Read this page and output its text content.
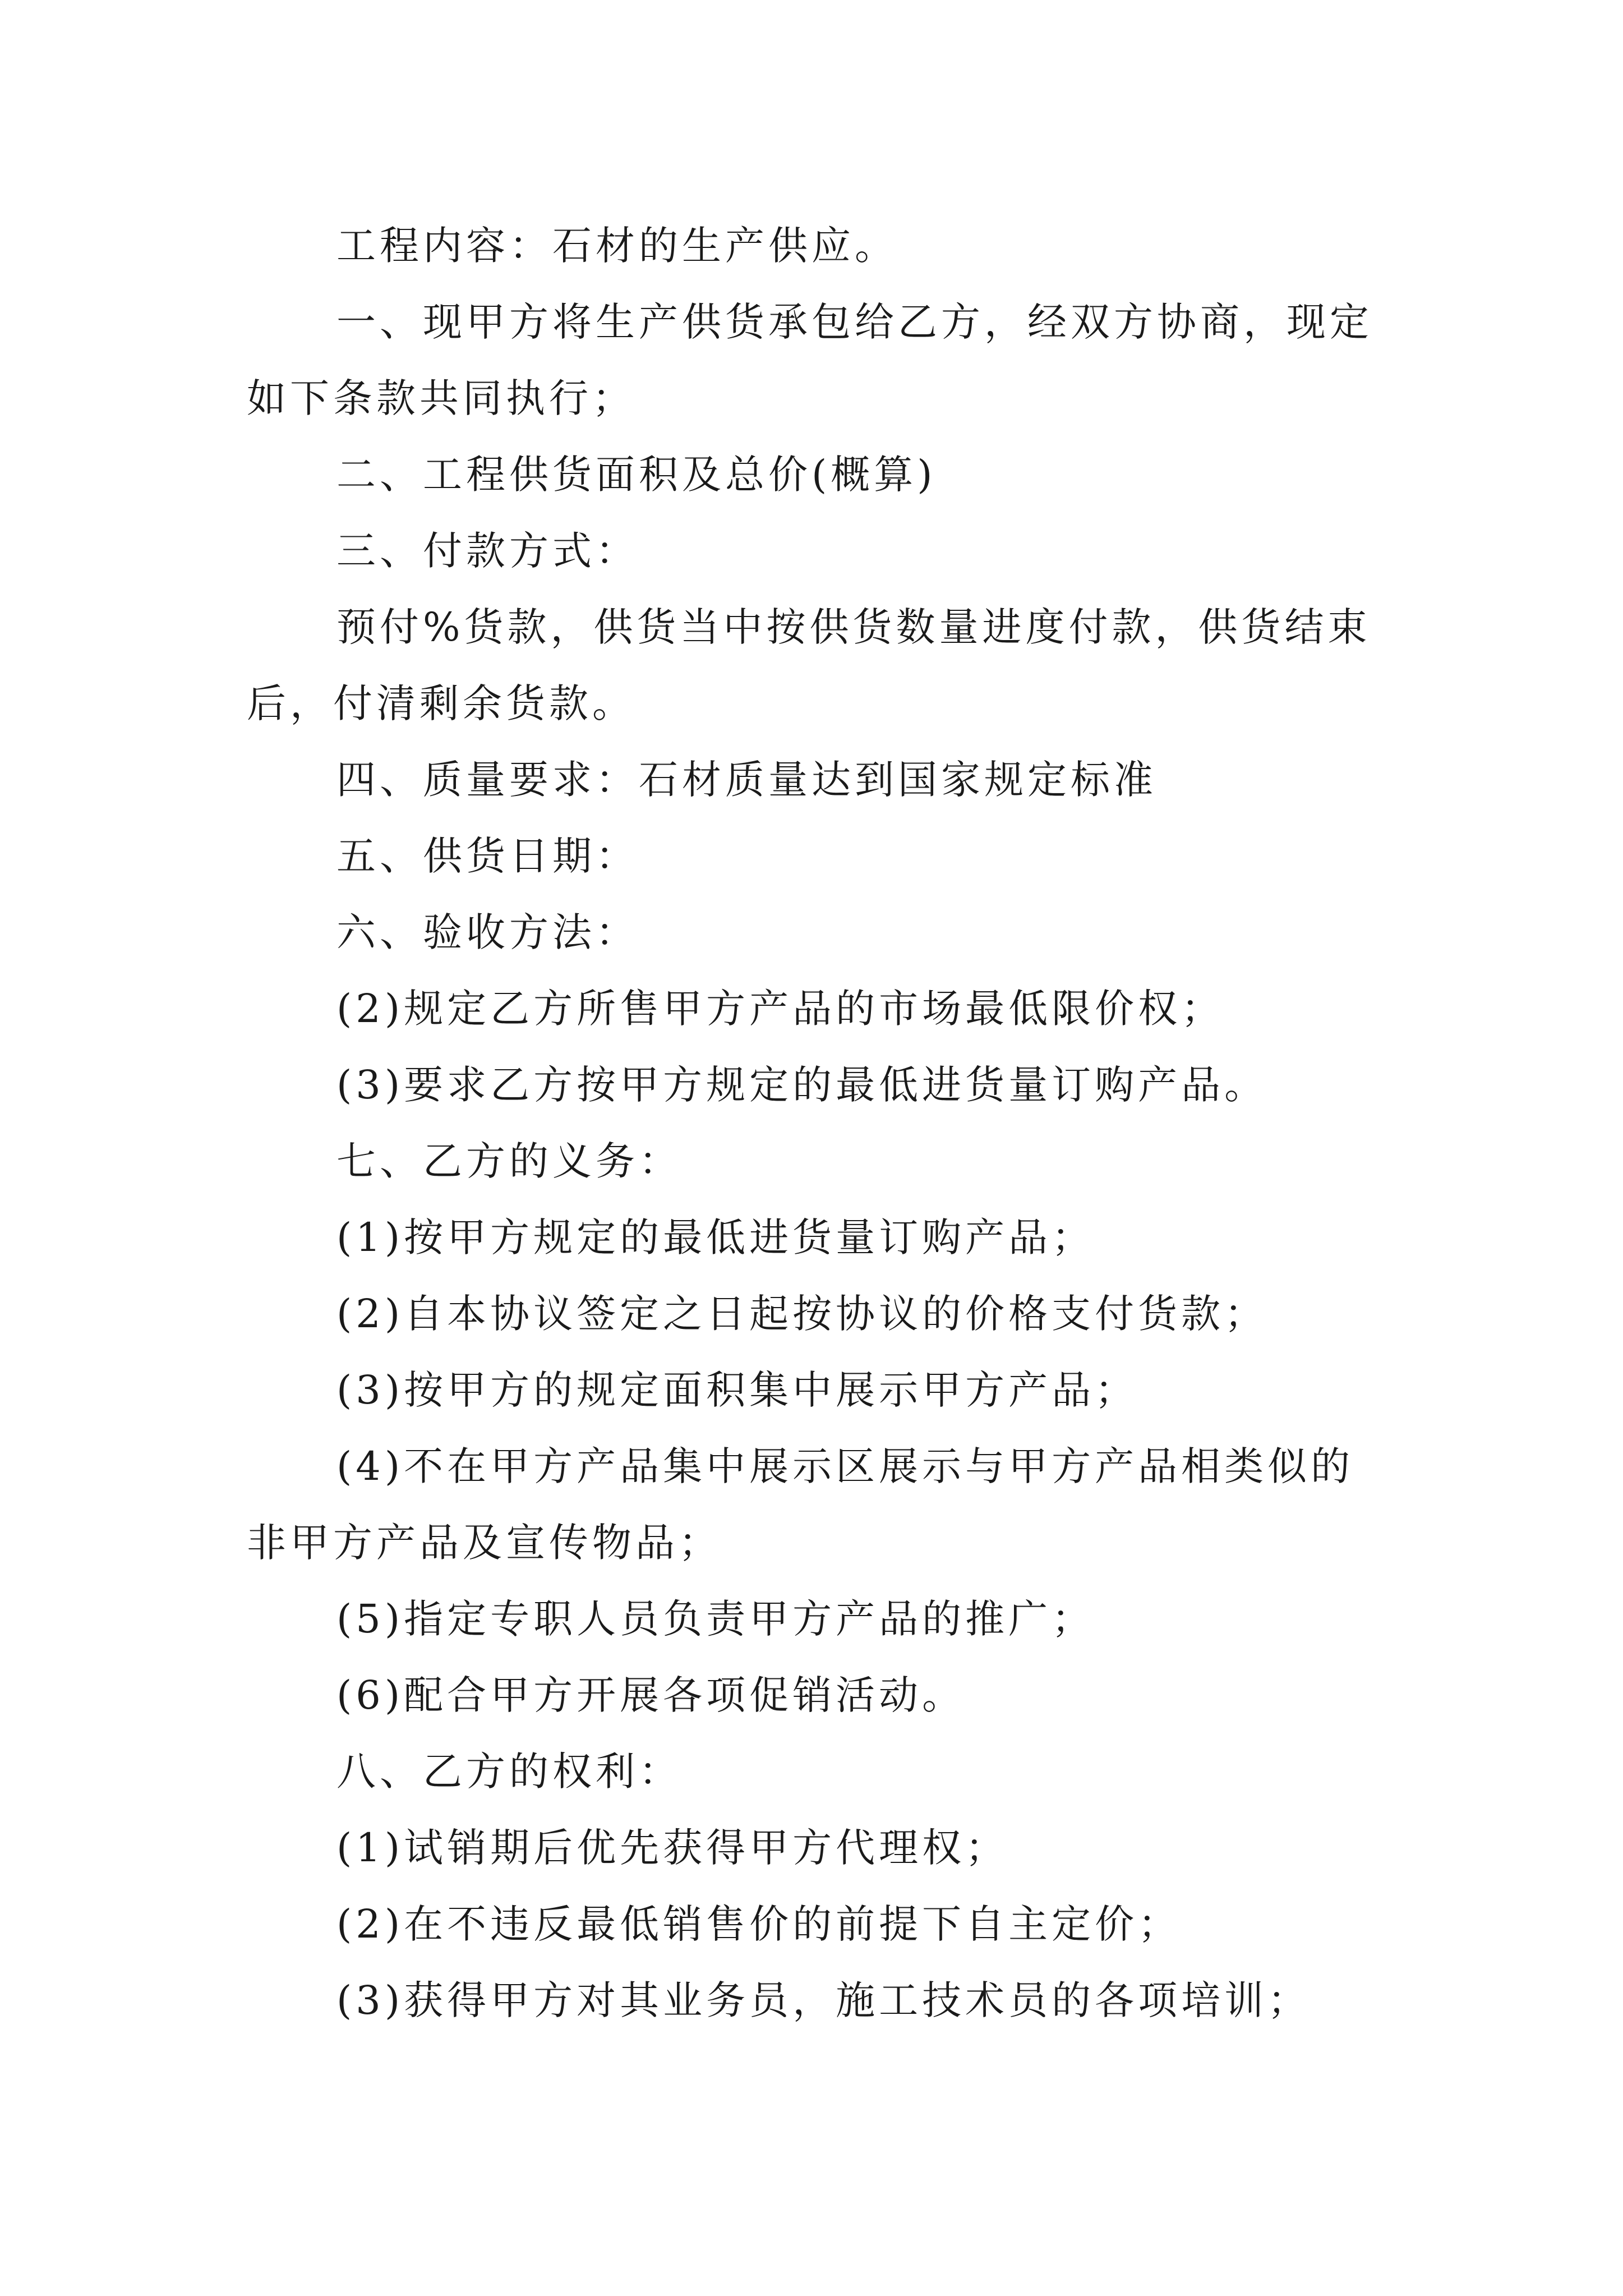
工程内容：石材的生产供应。

一、现甲方将生产供货承包给乙方，经双方协商，现定如下条款共同执行；

二、工程供货面积及总价(概算)

三、付款方式：

预付%货款，供货当中按供货数量进度付款，供货结束后，付清剩余货款。

四、质量要求：石材质量达到国家规定标准

五、供货日期：

六、验收方法：

(2)规定乙方所售甲方产品的市场最低限价权；

(3)要求乙方按甲方规定的最低进货量订购产品。

七、乙方的义务：

(1)按甲方规定的最低进货量订购产品；

(2)自本协议签定之日起按协议的价格支付货款；

(3)按甲方的规定面积集中展示甲方产品；

(4)不在甲方产品集中展示区展示与甲方产品相类似的非甲方产品及宣传物品；

(5)指定专职人员负责甲方产品的推广；

(6)配合甲方开展各项促销活动。

八、乙方的权利：

(1)试销期后优先获得甲方代理权；

(2)在不违反最低销售价的前提下自主定价；

(3)获得甲方对其业务员，施工技术员的各项培训；
